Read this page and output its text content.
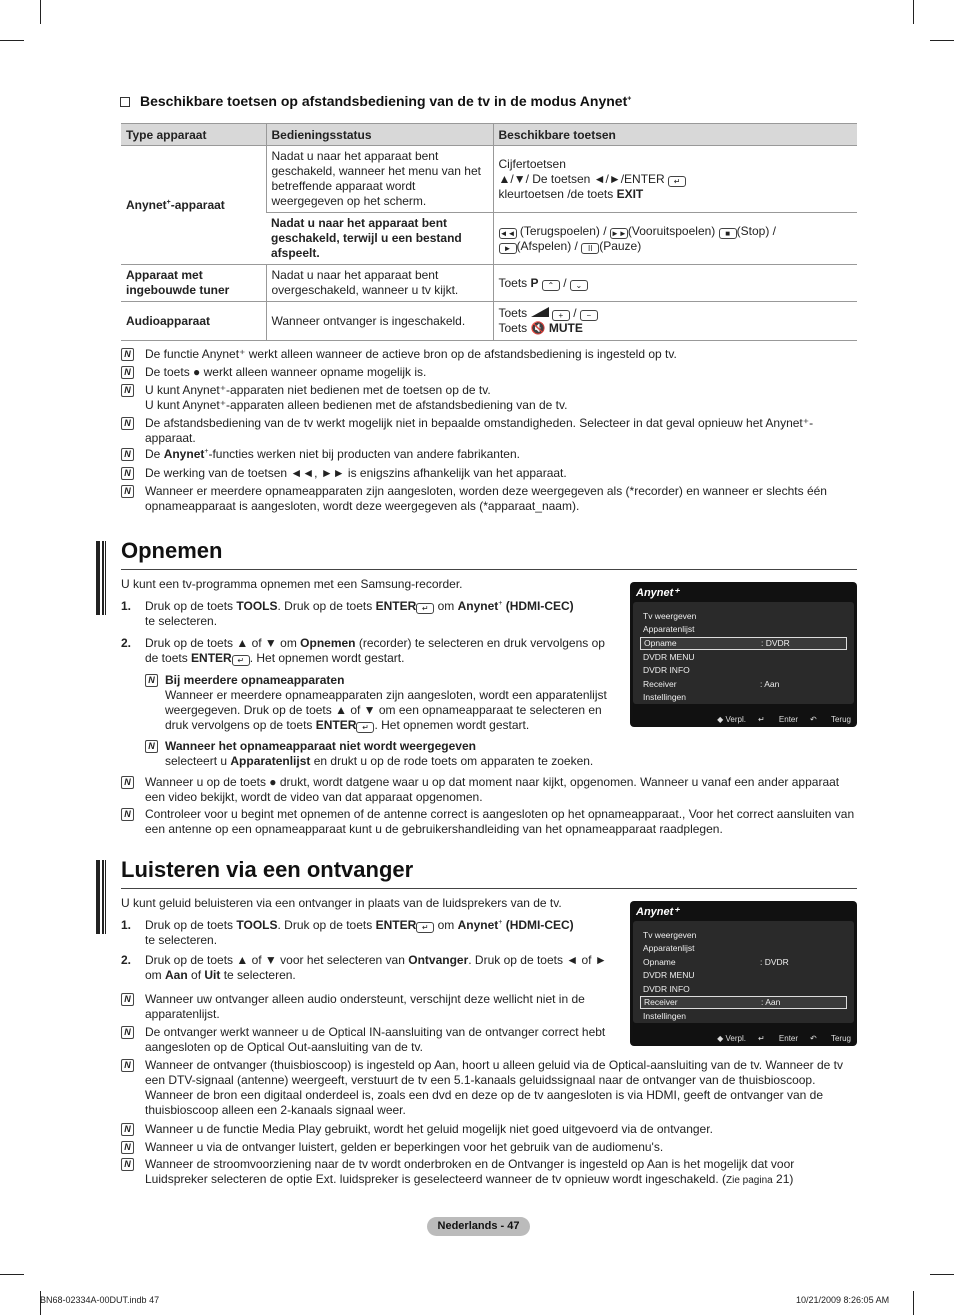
Beschikbare toetsen op afstandsbediening van de tv in de modus Anynet+
Type apparaat	Bedieningsstatus	Beschikbare toetsen
Anynet+-apparaat	Nadat u naar het apparaat bent geschakeld, wanneer het menu van het betreffende apparaat wordt weergegeven op het scherm.	Cijfertoetsen
▲/▼/ De toetsen ◄/►/ENTER ↵
kleurtoetsen /de toets EXIT

	Nadat u naar het apparaat bent geschakeld, terwijl u een bestand afspeelt.	◄◄ (Terugspoelen) / ►►(Vooruitspoelen) ■ (Stop) /
► (Afspelen) / II (Pauze)

Apparaat met ingebouwde tuner	Nadat u naar het apparaat bent overgeschakeld, wanneer u tv kijkt.	Toets P ⌃ / ⌄
Audioapparaat	Wanneer ontvanger is ingeschakeld.	Toets + / −
Toets 🔇 MUTE
N De functie Anynet⁺ werkt alleen wanneer de actieve bron op de afstandsbediening is ingesteld op tv.
N De toets ● werkt alleen wanneer opname mogelijk is.
N U kunt Anynet⁺-apparaten niet bedienen met de toetsen op de tv.
U kunt Anynet⁺-apparaten alleen bedienen met de afstandsbediening van de tv.
N De afstandsbediening van de tv werkt mogelijk niet in bepaalde omstandigheden. Selecteer in dat geval opnieuw het Anynet⁺-apparaat.
N De Anynet+-functies werken niet bij producten van andere fabrikanten.
N De werking van de toetsen ◄◄, ►► is enigszins afhankelijk van het apparaat.
N Wanneer er meerdere opnameapparaten zijn aangesloten, worden deze weergegeven als (*recorder) en wanneer er slechts één opnameapparaat is aangesloten, wordt deze weergegeven als (*apparaat_naam).
Opnemen
U kunt een tv-programma opnemen met een Samsung-recorder.
1. Druk op de toets TOOLS. Druk op de toets ENTER ↵ om Anynet+ (HDMI-CEC)
te selecteren.
2. Druk op de toets ▲ of ▼ om Opnemen (recorder) te selecteren en druk vervolgens op de toets ENTER ↵ . Het opnemen wordt gestart.
N Bij meerdere opnameapparaten
Wanneer er meerdere opnameapparaten zijn aangesloten, wordt een apparatenlijst weergegeven. Druk op de toets ▲ of ▼ om een opnameapparaat te selecteren en druk vervolgens op de toets ENTER ↵ . Het opnemen wordt gestart.
N Wanneer het opnameapparaat niet wordt weergegeven
selecteert u Apparatenlijst en drukt u op de rode toets om apparaten te zoeken.
N Wanneer u op de toets ● drukt, wordt datgene waar u op dat moment naar kijkt, opgenomen. Wanneer u vanaf een ander apparaat een video bekijkt, wordt de video van dat apparaat opgenomen.
N Controleer voor u begint met opnemen of de antenne correct is aangesloten op het opnameapparaat., Voor het correct aansluiten van een antenne op een opnameapparaat kunt u de gebruikershandleiding van het opnameapparaat raadplegen.
Anynet⁺
Tv weergeven
Apparatenlijst
Opname	: DVDR
DVDR MENU
DVDR INFO
Receiver	: Aan
Instellingen
◆ Verpl. ↵ Enter ↶ Terug
Luisteren via een ontvanger
U kunt geluid beluisteren via een ontvanger in plaats van de luidsprekers van de tv.
1. Druk op de toets TOOLS. Druk op de toets ENTER ↵ om Anynet+ (HDMI-CEC)
te selecteren.
2. Druk op de toets ▲ of ▼ voor het selecteren van Ontvanger. Druk op de toets ◄ of ►
om Aan of Uit te selecteren.
N Wanneer uw ontvanger alleen audio ondersteunt, verschijnt deze wellicht niet in de apparatenlijst.
N De ontvanger werkt wanneer u de Optical IN-aansluiting van de ontvanger correct hebt aangesloten op de Optical Out-aansluiting van de tv.
N Wanneer de ontvanger (thuisbioscoop) is ingesteld op Aan, hoort u alleen geluid via de Optical-aansluiting van de tv. Wanneer de tv een DTV-signaal (antenne) weergeeft, verstuurt de tv een 5.1-kanaals geluidssignaal naar de ontvanger van de thuisbioscoop. Wanneer de bron een digitaal onderdeel is, zoals een dvd en deze op de tv aangesloten is via HDMI, geeft de ontvanger van de thuisbioscoop alleen een 2-kanaals signaal weer.
N Wanneer u de functie Media Play gebruikt, wordt het geluid mogelijk niet goed uitgevoerd via de ontvanger.
N Wanneer u via de ontvanger luistert, gelden er beperkingen voor het gebruik van de audiomenu's.
N Wanneer de stroomvoorziening naar de tv wordt onderbroken en de Ontvanger is ingesteld op Aan is het mogelijk dat voor Luidspreker selecteren de optie Ext. luidspreker is geselecteerd wanneer de tv opnieuw wordt ingeschakeld. (Zie pagina 21)
Anynet⁺
Tv weergeven
Apparatenlijst
Opname	: DVDR
DVDR MENU
DVDR INFO
Receiver	: Aan
Instellingen
◆ Verpl. ↵ Enter ↶ Terug
Nederlands - 47
BN68-02334A-00DUT.indb 47	10/21/2009 8:26:05 AM
